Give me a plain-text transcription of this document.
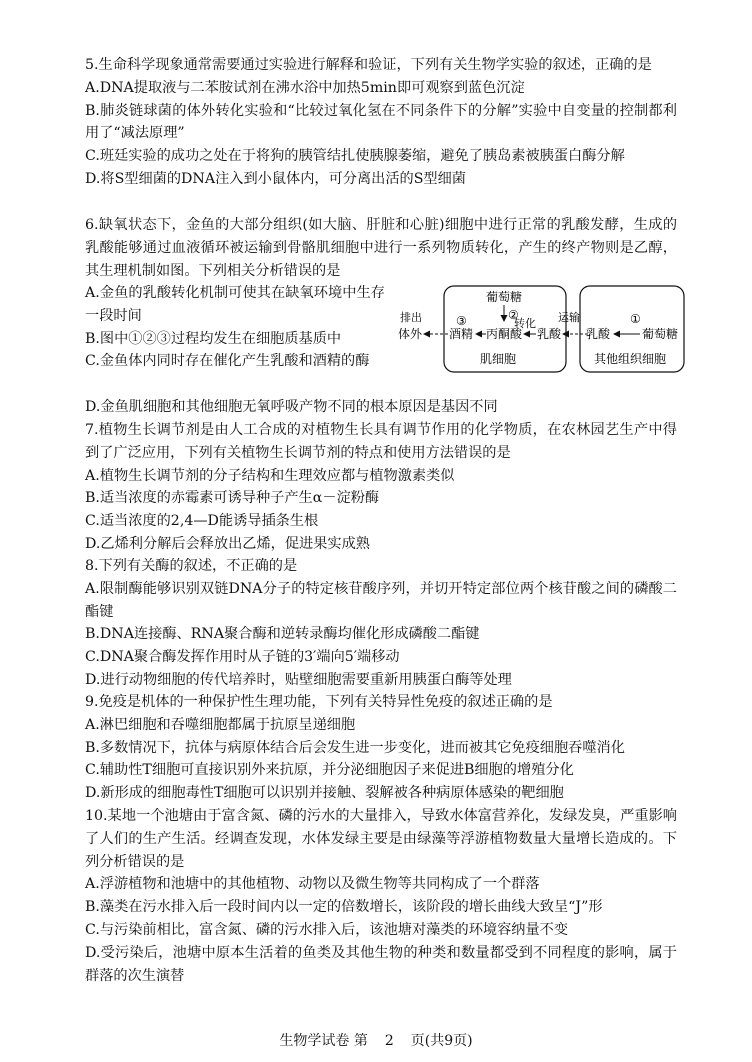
5.生命科学现象通常需要通过实验进行解释和验证，下列有关生物学实验的叙述，正确的是

A.DNA提取液与二苯胺试剂在沸水浴中加热5min即可观察到蓝色沉淀

B.肺炎链球菌的体外转化实验和“比较过氧化氢在不同条件下的分解”实验中自变量的控制都利用了“减法原理”

C.班廷实验的成功之处在于将狗的胰管结扎使胰腺萎缩，避免了胰岛素被胰蛋白酶分解

D.将S型细菌的DNA注入到小鼠体内，可分离出活的S型细菌

6.缺氧状态下，金鱼的大部分组织(如大脑、肝脏和心脏)细胞中进行正常的乳酸发酵，生成的乳酸能够通过血液循环被运输到骨骼肌细胞中进行一系列物质转化，产生的终产物则是乙醇，其生理机制如图。下列相关分析错误的是

A.金鱼的乳酸转化机制可使其在缺氧环境中生存一段时间

B.图中①②③过程均发生在细胞质基质中

C.金鱼体内同时存在催化产生乳酸和酒精的酶

葡萄糖
②
丙酮酸
酒精
③
乳酸
转化
肌细胞
排出
体外
运输	①
乳酸	葡萄糖
其他组织细胞

D.金鱼肌细胞和其他细胞无氧呼吸产物不同的根本原因是基因不同

7.植物生长调节剂是由人工合成的对植物生长具有调节作用的化学物质，在农林园艺生产中得到了广泛应用，下列有关植物生长调节剂的特点和使用方法错误的是

A.植物生长调节剂的分子结构和生理效应都与植物激素类似

B.适当浓度的赤霉素可诱导种子产生α－淀粉酶

C.适当浓度的2,4—D能诱导插条生根

D.乙烯利分解后会释放出乙烯，促进果实成熟

8.下列有关酶的叙述，不正确的是

A.限制酶能够识别双链DNA分子的特定核苷酸序列，并切开特定部位两个核苷酸之间的磷酸二酯键

B.DNA连接酶、RNA聚合酶和逆转录酶均催化形成磷酸二酯键

C.DNA聚合酶发挥作用时从子链的3′端向5′端移动

D.进行动物细胞的传代培养时，贴壁细胞需要重新用胰蛋白酶等处理

9.免疫是机体的一种保护性生理功能，下列有关特异性免疫的叙述正确的是

A.淋巴细胞和吞噬细胞都属于抗原呈递细胞

B.多数情况下，抗体与病原体结合后会发生进一步变化，进而被其它免疫细胞吞噬消化

C.辅助性T细胞可直接识别外来抗原，并分泌细胞因子来促进B细胞的增殖分化

D.新形成的细胞毒性T细胞可以识别并接触、裂解被各种病原体感染的靶细胞

10.某地一个池塘由于富含氮、磷的污水的大量排入，导致水体富营养化，发绿发臭，严重影响了人们的生产生活。经调查发现，水体发绿主要是由绿藻等浮游植物数量大量增长造成的。下列分析错误的是

A.浮游植物和池塘中的其他植物、动物以及微生物等共同构成了一个群落

B.藻类在污水排入后一段时间内以一定的倍数增长，该阶段的增长曲线大致呈“J”形

C.与污染前相比，富含氮、磷的污水排入后，该池塘对藻类的环境容纳量不变

D.受污染后，池塘中原本生活着的鱼类及其他生物的种类和数量都受到不同程度的影响，属于群落的次生演替

生物学试卷 第 2 页(共9页)
